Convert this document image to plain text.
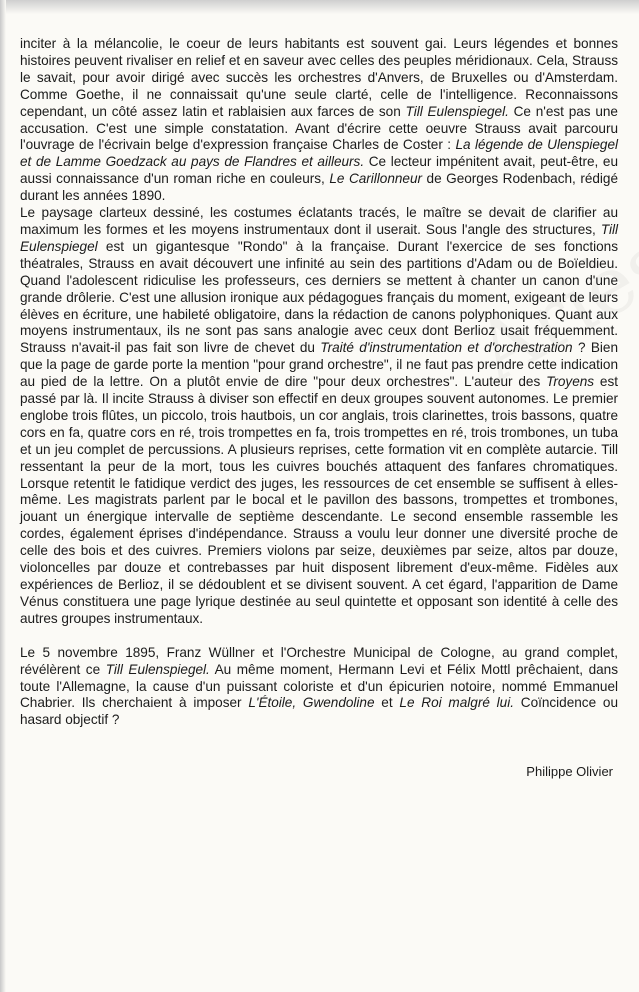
inciter à la mélancolie, le coeur de leurs habitants est souvent gai. Leurs légendes et bonnes histoires peuvent rivaliser en relief et en saveur avec celles des peuples méridionaux. Cela, Strauss le savait, pour avoir dirigé avec succès les orchestres d'Anvers, de Bruxelles ou d'Amsterdam. Comme Goethe, il ne connaissait qu'une seule clarté, celle de l'intelligence. Reconnaissons cependant, un côté assez latin et rablaisien aux farces de son Till Eulenspiegel. Ce n'est pas une accusation. C'est une simple constatation. Avant d'écrire cette oeuvre Strauss avait parcouru l'ouvrage de l'écrivain belge d'expression française Charles de Coster : La légende de Ulenspiegel et de Lamme Goedzack au pays de Flandres et ailleurs. Ce lecteur impénitent avait, peut-être, eu aussi connaissance d'un roman riche en couleurs, Le Carillonneur de Georges Rodenbach, rédigé durant les années 1890.

Le paysage clarteux dessiné, les costumes éclatants tracés, le maître se devait de clarifier au maximum les formes et les moyens instrumentaux dont il userait. Sous l'angle des structures, Till Eulenspiegel est un gigantesque "Rondo" à la française. Durant l'exercice de ses fonctions théatrales, Strauss en avait découvert une infinité au sein des partitions d'Adam ou de Boïeldieu. Quand l'adolescent ridiculise les professeurs, ces derniers se mettent à chanter un canon d'une grande drôlerie. C'est une allusion ironique aux pédagogues français du moment, exigeant de leurs élèves en écriture, une habileté obligatoire, dans la rédaction de canons polyphoniques. Quant aux moyens instrumentaux, ils ne sont pas sans analogie avec ceux dont Berlioz usait fréquemment. Strauss n'avait-il pas fait son livre de chevet du Traité d'instrumentation et d'orchestration ? Bien que la page de garde porte la mention "pour grand orchestre", il ne faut pas prendre cette indication au pied de la lettre. On a plutôt envie de dire "pour deux orchestres". L'auteur des Troyens est passé par là. Il incite Strauss à diviser son effectif en deux groupes souvent autonomes. Le premier englobe trois flûtes, un piccolo, trois hautbois, un cor anglais, trois clarinettes, trois bassons, quatre cors en fa, quatre cors en ré, trois trompettes en fa, trois trompettes en ré, trois trombones, un tuba et un jeu complet de percussions. A plusieurs reprises, cette formation vit en complète autarcie. Till ressentant la peur de la mort, tous les cuivres bouchés attaquent des fanfares chromatiques. Lorsque retentit le fatidique verdict des juges, les ressources de cet ensemble se suffisent à elles-même. Les magistrats parlent par le bocal et le pavillon des bassons, trompettes et trombones, jouant un énergique intervalle de septième descendante. Le second ensemble rassemble les cordes, également éprises d'indépendance. Strauss a voulu leur donner une diversité proche de celle des bois et des cuivres. Premiers violons par seize, deuxièmes par seize, altos par douze, violoncelles par douze et contrebasses par huit disposent librement d'eux-même. Fidèles aux expériences de Berlioz, il se dédoublent et se divisent souvent. A cet égard, l'apparition de Dame Vénus constituera une page lyrique destinée au seul quintette et opposant son identité à celle des autres groupes instrumentaux.

Le 5 novembre 1895, Franz Wüllner et l'Orchestre Municipal de Cologne, au grand complet, révélèrent ce Till Eulenspiegel. Au même moment, Hermann Levi et Félix Mottl prêchaient, dans toute l'Allemagne, la cause d'un puissant coloriste et d'un épicurien notoire, nommé Emmanuel Chabrier. Ils cherchaient à imposer L'Étoile, Gwendoline et Le Roi malgré lui. Coïncidence ou hasard objectif ?

Philippe Olivier
